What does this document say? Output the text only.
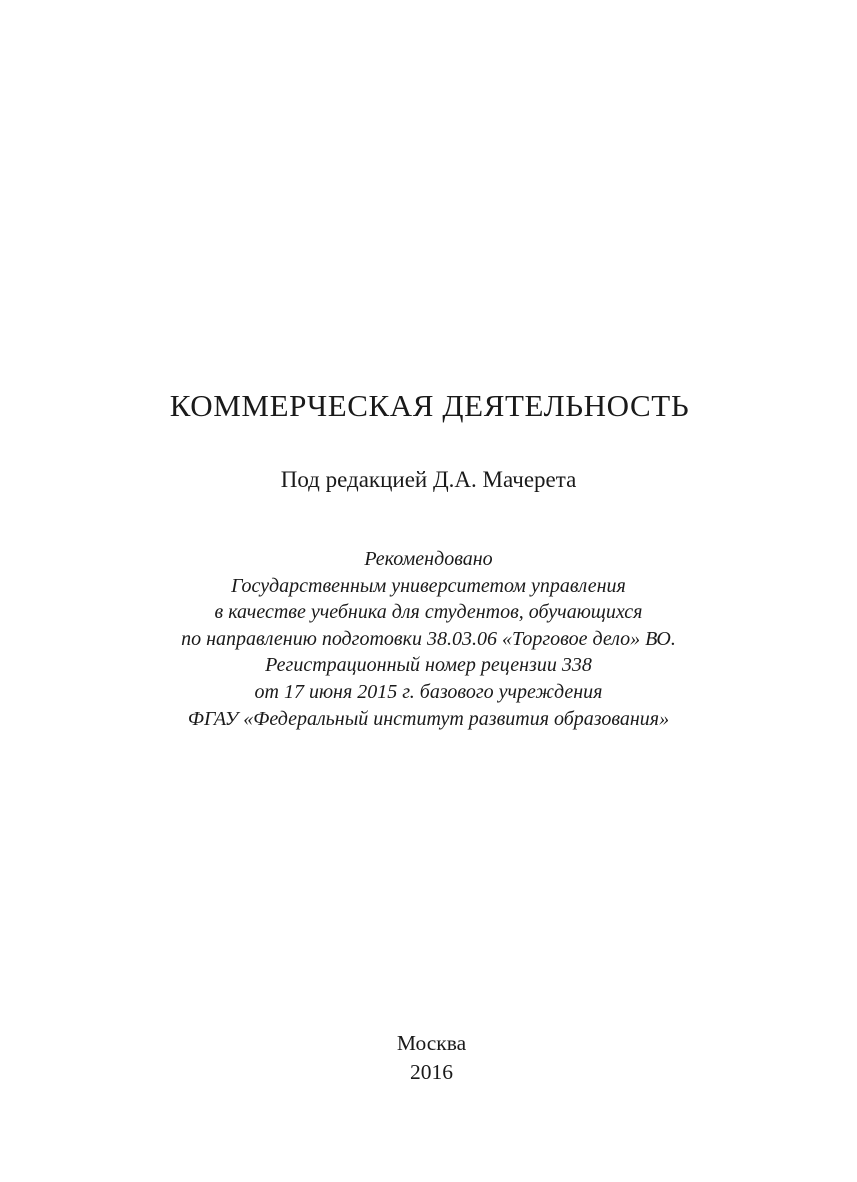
КОММЕРЧЕСКАЯ ДЕЯТЕЛЬНОСТЬ
Под редакцией Д.А. Мачерета
Рекомендовано
Государственным университетом управления
в качестве учебника для студентов, обучающихся
по направлению подготовки 38.03.06 «Торговое дело» ВО.
Регистрационный номер рецензии 338
от 17 июня 2015 г. базового учреждения
ФГАУ «Федеральный институт развития образования»
Москва
2016
